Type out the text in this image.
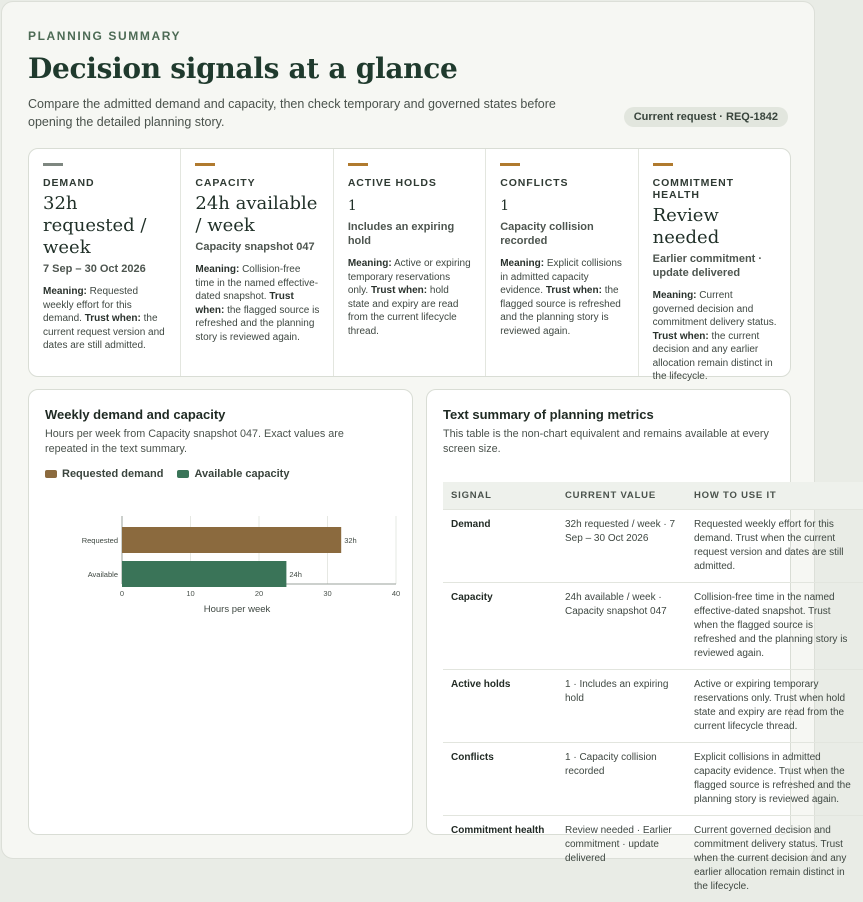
PLANNING SUMMARY
Decision signals at a glance

Compare the admitted demand and capacity, then check temporary and governed states before opening the detailed planning story.	Current request · REQ-1842
DEMAND
32h requested / week
7 Sep – 30 Oct 2026
Meaning: Requested weekly effort for this demand. Trust when: the current request version and dates are still admitted.
CAPACITY
24h available / week
Capacity snapshot 047
Meaning: Collision-free time in the named effective-dated snapshot. Trust when: the flagged source is refreshed and the planning story is reviewed again.
ACTIVE HOLDS
1
Includes an expiring hold
Meaning: Active or expiring temporary reservations only. Trust when: hold state and expiry are read from the current lifecycle thread.
CONFLICTS
1
Capacity collision recorded
Meaning: Explicit collisions in admitted capacity evidence. Trust when: the flagged source is refreshed and the planning story is reviewed again.
COMMITMENT HEALTH
Review needed
Earlier commitment · update delivered
Meaning: Current governed decision and commitment delivery status. Trust when: the current decision and any earlier allocation remain distinct in the lifecycle.
Weekly demand and capacity

Hours per week from Capacity snapshot 047. Exact values are repeated in the text summary.

Requested demand	Available capacity
Requested	32h
Available	24h
0	10	20	30	40
Hours per week
Text summary of planning metrics

This table is the non-chart equivalent and remains available at every screen size.

SIGNAL	CURRENT VALUE	HOW TO USE IT
Demand	32h requested / week · 7 Sep – 30 Oct 2026	Requested weekly effort for this demand. Trust when the current request version and dates are still admitted.
Capacity	24h available / week · Capacity snapshot 047	Collision-free time in the named effective-dated snapshot. Trust when the flagged source is refreshed and the planning story is reviewed again.
Active holds	1 · Includes an expiring hold	Active or expiring temporary reservations only. Trust when hold state and expiry are read from the current lifecycle thread.
Conflicts	1 · Capacity collision recorded	Explicit collisions in admitted capacity evidence. Trust when the flagged source is refreshed and the planning story is reviewed again.
Commitment health	Review needed · Earlier commitment · update delivered	Current governed decision and commitment delivery status. Trust when the current decision and any earlier allocation remain distinct in the lifecycle.
